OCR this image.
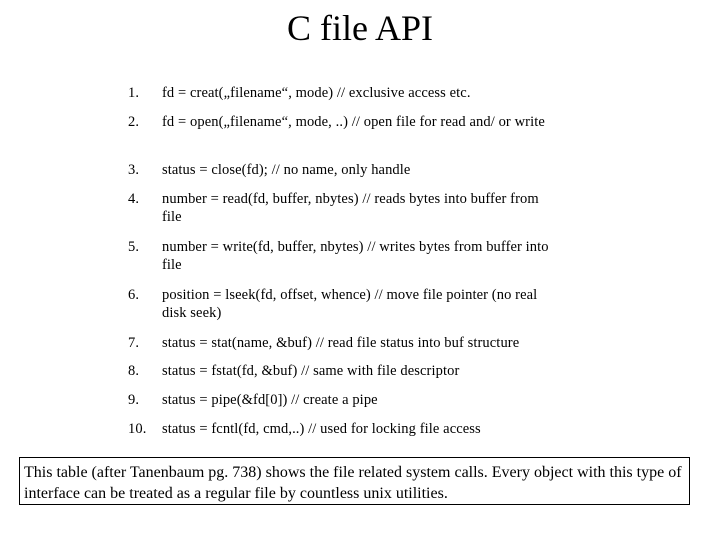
C file API
1. fd = creat(„filename“, mode) // exclusive access etc.
2. fd = open(„filename“, mode, ..) // open file for read and/ or write
3. status = close(fd); // no name, only handle
4. number = read(fd, buffer, nbytes) // reads bytes into buffer from file
5. number = write(fd, buffer, nbytes) // writes bytes from buffer into file
6. position = lseek(fd, offset, whence) // move file pointer (no real disk seek)
7. status = stat(name, &buf) // read file status into buf structure
8. status = fstat(fd, &buf) // same with file descriptor
9. status = pipe(&fd[0]) // create a pipe
10. status = fcntl(fd, cmd,..) // used for locking file access
This table (after Tanenbaum pg. 738) shows the file related system calls. Every object with this type of interface can be treated as a regular file by countless unix utilities.
